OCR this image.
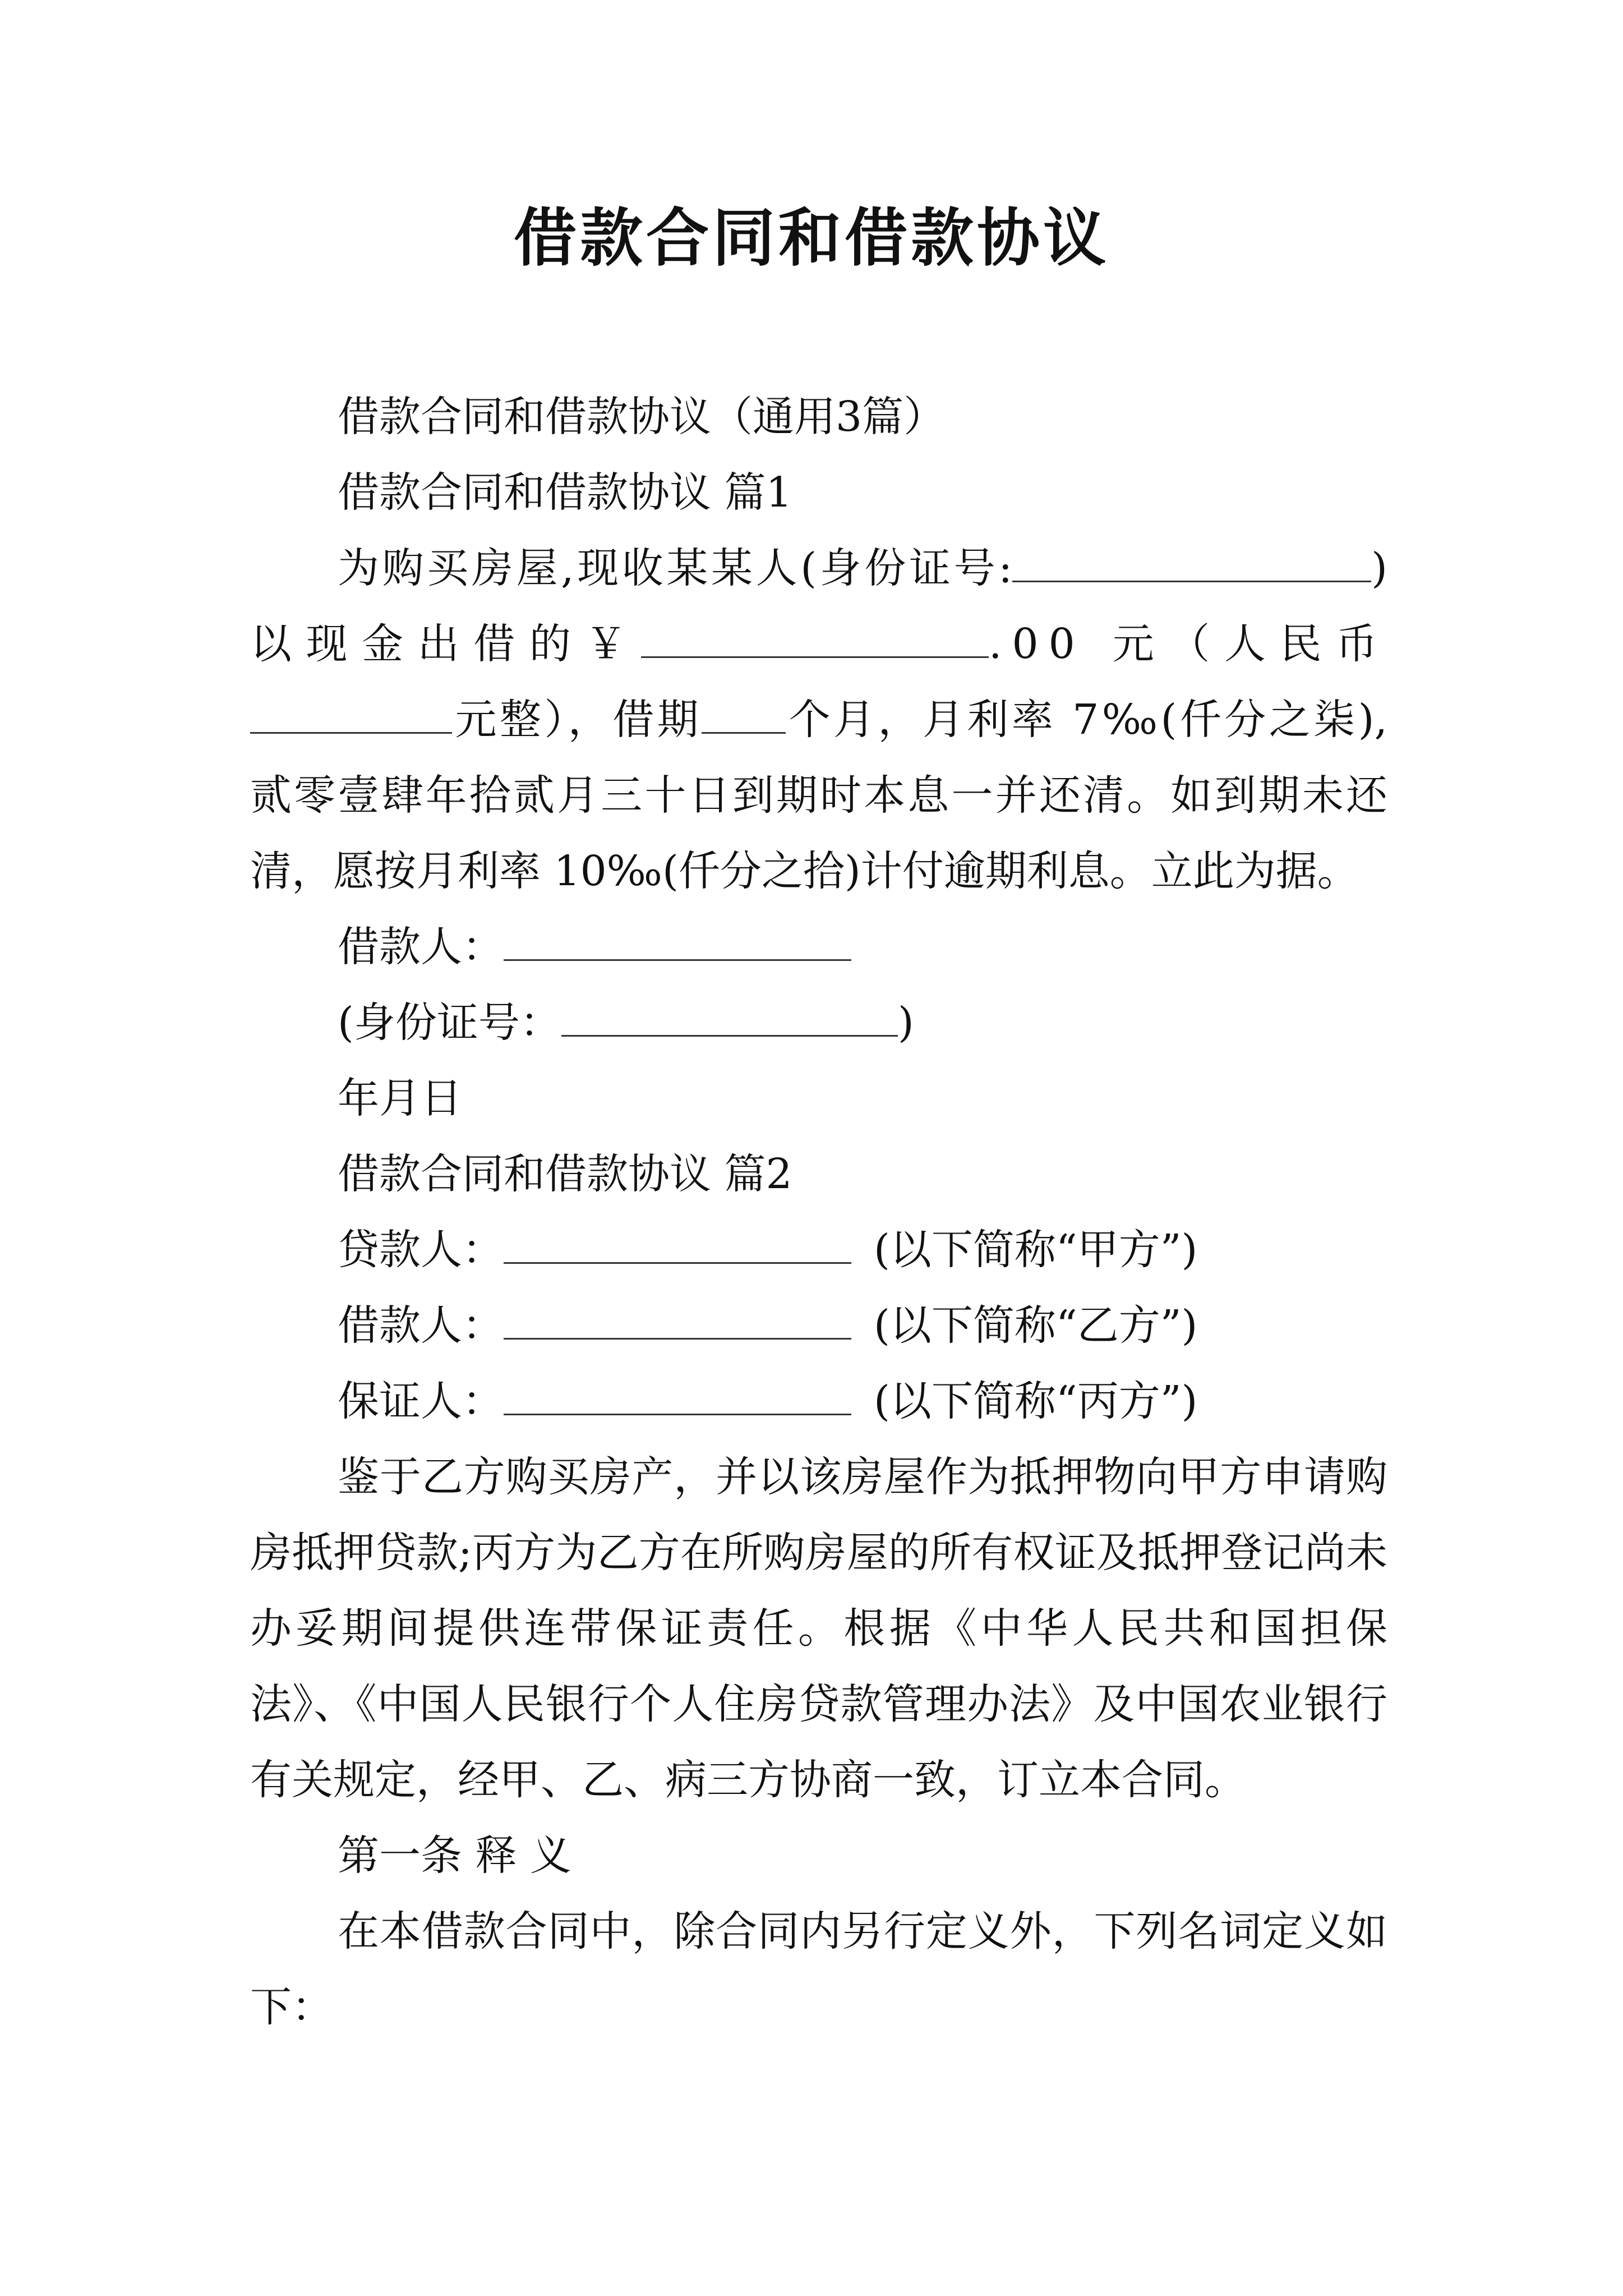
借款合同和借款协议

借款合同和借款协议（通用3篇）

借款合同和借款协议 篇1

为购买房屋,现收某某人(身份证号:	)

以现金出借的￥	.00 元（人民币

元整），借期 个月，月利率 7‰(仟分之柒),

贰零壹肆年拾贰月三十日到期时本息一并还清。如到期未还清，愿按月利率 10‰(仟分之拾)计付逾期利息。立此为据。

借款人：

(身份证号：	)

年月日

借款合同和借款协议 篇2

贷款人：	(以下简称“甲方”)

借款人：	(以下简称“乙方”)

保证人：	(以下简称“丙方”)

鉴于乙方购买房产，并以该房屋作为抵押物向甲方申请购房抵押贷款;丙方为乙方在所购房屋的所有权证及抵押登记尚未办妥期间提供连带保证责任。根据《中华人民共和国担保法》、《中国人民银行个人住房贷款管理办法》及中国农业银行有关规定，经甲、乙、病三方协商一致，订立本合同。

第一条 释 义

在本借款合同中，除合同内另行定义外，下列名词定义如下：
